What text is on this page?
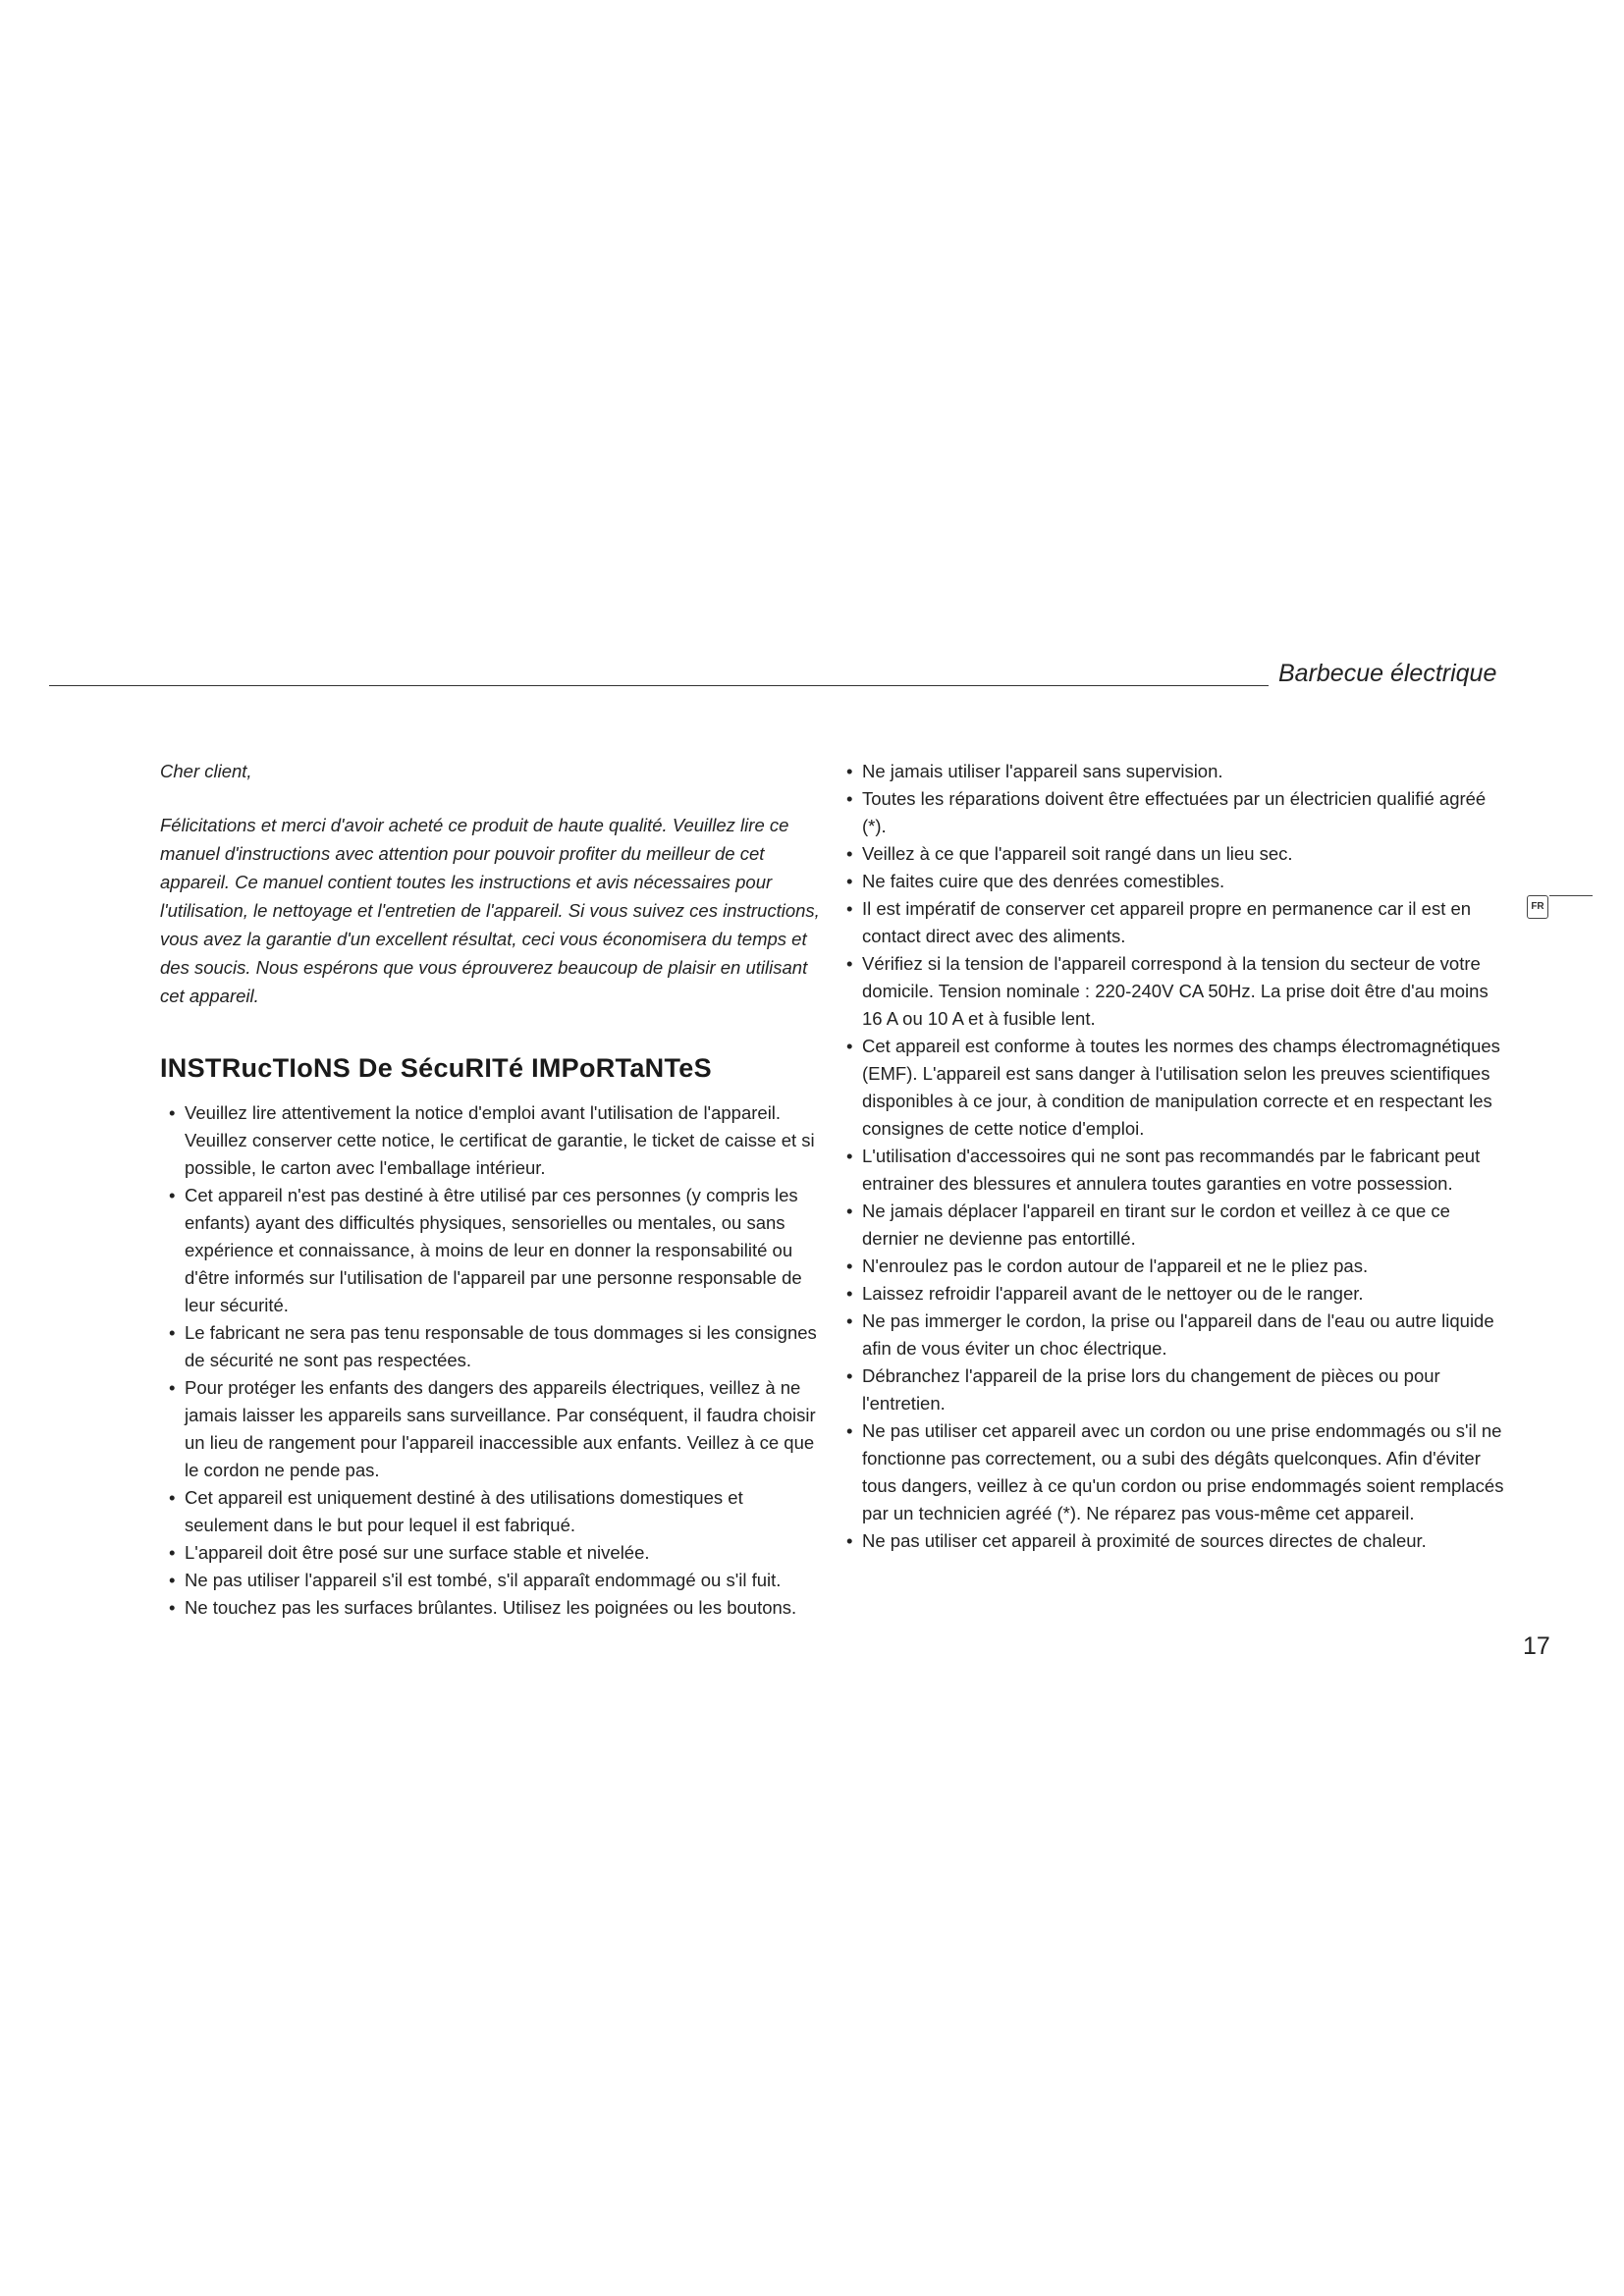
Barbecue électrique
FR

Cher client,

Félicitations et merci d'avoir acheté ce produit de haute qualité. Veuillez lire ce manuel d'instructions avec attention pour pouvoir profiter du meilleur de cet appareil. Ce manuel contient toutes les instructions et avis nécessaires pour l'utilisation, le nettoyage et l'entretien de l'appareil. Si vous suivez ces instructions, vous avez la garantie d'un excellent résultat, ceci vous économisera du temps et des soucis. Nous espérons que vous éprouverez beaucoup de plaisir en utilisant cet appareil.

INSTRucTIoNS De SécuRITé IMPoRTaNTeS
• Veuillez lire attentivement la notice d'emploi avant l'utilisation de l'appareil. Veuillez conserver cette notice, le certificat de garantie, le ticket de caisse et si possible, le carton avec l'emballage intérieur.
• Cet appareil n'est pas destiné à être utilisé par ces personnes (y compris les enfants) ayant des difficultés physiques, sensorielles ou mentales, ou sans expérience et connaissance, à moins de leur en donner la responsabilité ou d'être informés sur l'utilisation de l'appareil par une personne responsable de leur sécurité.
• Le fabricant ne sera pas tenu responsable de tous dommages si les consignes de sécurité ne sont pas respectées.
• Pour protéger les enfants des dangers des appareils électriques, veillez à ne jamais laisser les appareils sans surveillance. Par conséquent, il faudra choisir un lieu de rangement pour l'appareil inaccessible aux enfants. Veillez à ce que le cordon ne pende pas.
• Cet appareil est uniquement destiné à des utilisations domestiques et seulement dans le but pour lequel il est fabriqué.
• L'appareil doit être posé sur une surface stable et nivelée.
• Ne pas utiliser l'appareil s'il est tombé, s'il apparaît endommagé ou s'il fuit.
• Ne touchez pas les surfaces brûlantes. Utilisez les poignées ou les boutons.
• Ne jamais utiliser l'appareil sans supervision.
• Toutes les réparations doivent être effectuées par un électricien qualifié agréé (*).
• Veillez à ce que l'appareil soit rangé dans un lieu sec.
• Ne faites cuire que des denrées comestibles.
• Il est impératif de conserver cet appareil propre en permanence car il est en contact direct avec des aliments.
• Vérifiez si la tension de l'appareil correspond à la tension du secteur de votre domicile. Tension nominale : 220-240V CA 50Hz. La prise doit être d'au moins 16 A ou 10 A et à fusible lent.
• Cet appareil est conforme à toutes les normes des champs électromagnétiques (EMF). L'appareil est sans danger à l'utilisation selon les preuves scientifiques disponibles à ce jour, à condition de manipulation correcte et en respectant les consignes de cette notice d'emploi.
• L'utilisation d'accessoires qui ne sont pas recommandés par le fabricant peut entrainer des blessures et annulera toutes garanties en votre possession.
• Ne jamais déplacer l'appareil en tirant sur le cordon et veillez à ce que ce dernier ne devienne pas entortillé.
• N'enroulez pas le cordon autour de l'appareil et ne le pliez pas.
• Laissez refroidir l'appareil avant de le nettoyer ou de le ranger.
• Ne pas immerger le cordon, la prise ou l'appareil dans de l'eau ou autre liquide afin de vous éviter un choc électrique.
• Débranchez l'appareil de la prise lors du changement de pièces ou pour l'entretien.
• Ne pas utiliser cet appareil avec un cordon ou une prise endommagés ou s'il ne fonctionne pas correctement, ou a subi des dégâts quelconques. Afin d'éviter tous dangers, veillez à ce qu'un cordon ou prise endommagés soient remplacés par un technicien agréé (*). Ne réparez pas vous-même cet appareil.
• Ne pas utiliser cet appareil à proximité de sources directes de chaleur.
17
